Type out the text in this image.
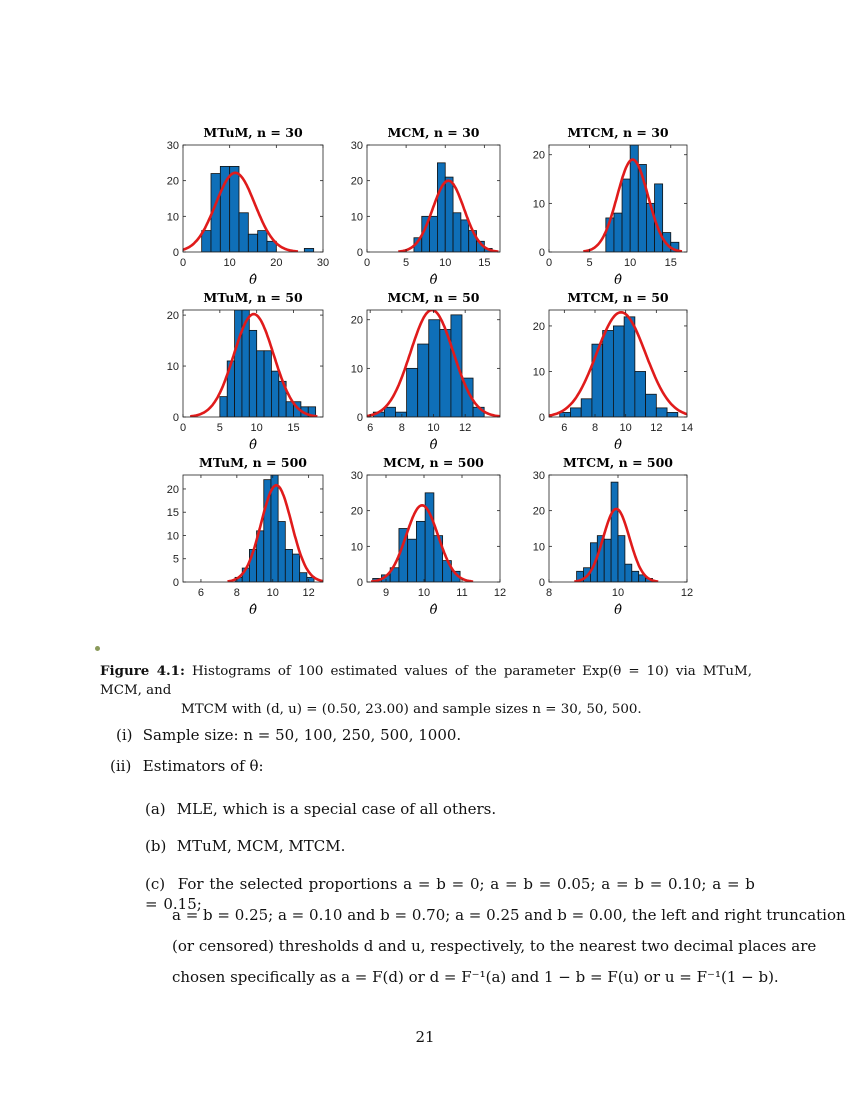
0	10	20	30
0
10
20
30
MTuM, n = 30
θ̂
0	5	10 15
0
10
20
30
MCM, n = 30
θ̂
0	5	10	15
0
10
20
MTCM, n = 30
θ̂
0	5	10 15
0
10
20
MTuM, n = 50
θ̂
6 8 10 12
0
10
20
MCM, n = 50
θ̂
6 8 10 12 14
0
10
20
MTCM, n = 50
θ̂
6	8 10 12
0
5
10
15
20
MTuM, n = 500
θ̂
9	10 11 12
0
10
20
30
MCM, n = 500
θ̂
8	10	12
0
10
20
30
MTCM, n = 500
θ̂
Figure 4.1: Histograms of 100 estimated values of the parameter Exp(θ = 10) via MTuM, MCM, and
MTCM with (d, u) = (0.50, 23.00) and sample sizes n = 30, 50, 500.
(i) Sample size: n = 50, 100, 250, 500, 1000.
(ii) Estimators of θ:
(a) MLE, which is a special case of all others.
(b) MTuM, MCM, MTCM.
(c) For the selected proportions a = b = 0; a = b = 0.05; a = b = 0.10; a = b = 0.15;
a = b = 0.25; a = 0.10 and b = 0.70; a = 0.25 and b = 0.00, the left and right truncation
(or censored) thresholds d and u, respectively, to the nearest two decimal places are
chosen specifically as a = F(d) or d = F⁻¹(a) and 1 − b = F(u) or u = F⁻¹(1 − b).
21
